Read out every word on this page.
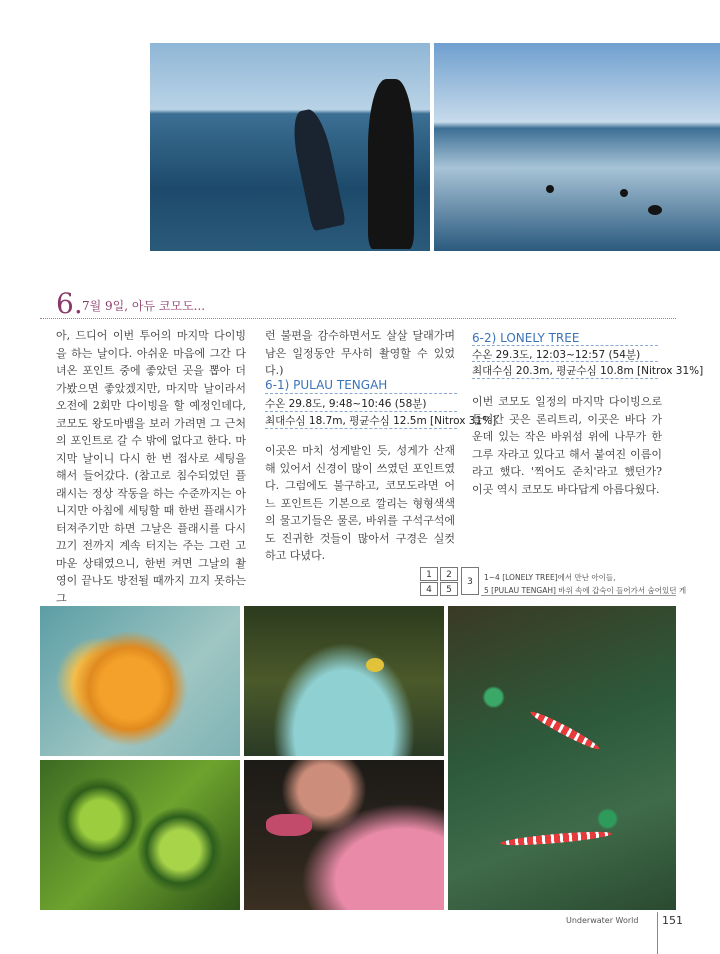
6. 7월 9일, 아듀 코모도...

아, 드디어 이번 투어의 마지막 다이빙을 하는 날이다. 아쉬운 마음에 그간 다녀온 포인트 중에 좋았던 곳을 뽑아 더 가봤으면 좋았겠지만, 마지막 날이라서 오전에 2회만 다이빙을 할 예정인데다, 코모도 왕도마뱀을 보러 가려면 그 근처의 포인트로 갈 수 밖에 없다고 한다. 마지막 날이니 다시 한 번 접사로 세팅을 해서 들어갔다. (참고로 침수되었던 플래시는 정상 작동을 하는 수준까지는 아니지만 아침에 세팅할 때 한번 플래시가 터져주기만 하면 그날은 플래시를 다시 끄기 전까지 계속 터지는 주는 그런 고마운 상태였으니, 한번 켜면 그날의 촬영이 끝나도 방전될 때까지 끄지 못하는 그

런 불편을 감수하면서도 살살 달래가며 남은 일정동안 무사히 촬영할 수 있었다.)

6-1) PULAU TENGAH
수온 29.8도, 9:48~10:46 (58분)
최대수심 18.7m, 평균수심 12.5m [Nitrox 31%]

이곳은 마치 성게밭인 듯, 성게가 산재해 있어서 신경이 많이 쓰였던 포인트였다. 그럼에도 불구하고, 코모도라면 어느 포인트든 기본으로 깔리는 형형색색의 물고기들은 물론, 바위를 구석구석에도 진귀한 것들이 많아서 구경은 실컷 하고 다녔다.

6-2) LONELY TREE
수온 29.3도, 12:03~12:57 (54분)
최대수심 20.3m, 평균수심 10.8m [Nitrox 31%]

이번 코모도 일정의 마지막 다이빙으로 들어간 곳은 론리트리, 이곳은 바다 가운데 있는 작은 바위섬 위에 나무가 한그루 자라고 있다고 해서 붙여진 이름이라고 했다. '찍어도 준치'라고 했던가? 이곳 역시 코모도 바다답게 아름다웠다.

1	2
4	5
3	1~4 [LONELY TREE]에서 만난 아이들,
5 [PULAU TENGAH] 바위 속에 갑숙이 들어가서 숨어있던 게
Underwater World 151
